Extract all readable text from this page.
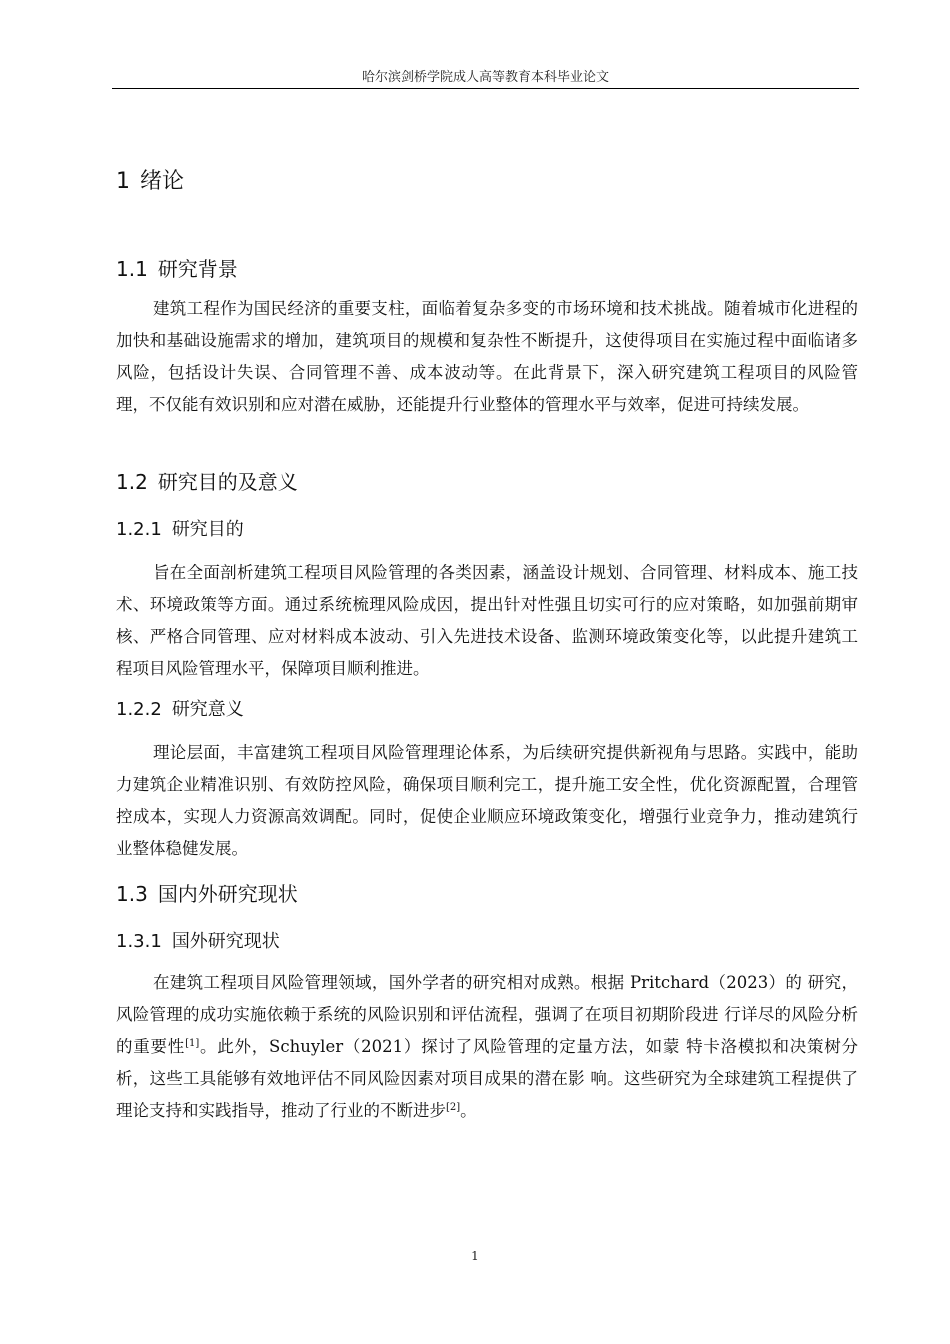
哈尔滨剑桥学院成人高等教育本科毕业论文
1 绪论
1.1 研究背景

建筑工程作为国民经济的重要支柱，面临着复杂多变的市场环境和技术挑战。随着城市化进程的加快和基础设施需求的增加，建筑项目的规模和复杂性不断提升，这使得项目在实施过程中面临诸多风险，包括设计失误、合同管理不善、成本波动等。在此背景下，深入研究建筑工程项目的风险管理，不仅能有效识别和应对潜在威胁，还能提升行业整体的管理水平与效率，促进可持续发展。

1.2 研究目的及意义
1.2.1 研究目的

旨在全面剖析建筑工程项目风险管理的各类因素，涵盖设计规划、合同管理、材料成本、施工技术、环境政策等方面。通过系统梳理风险成因，提出针对性强且切实可行的应对策略，如加强前期审核、严格合同管理、应对材料成本波动、引入先进技术设备、监测环境政策变化等，以此提升建筑工程项目风险管理水平，保障项目顺利推进。

1.2.2 研究意义

理论层面，丰富建筑工程项目风险管理理论体系，为后续研究提供新视角与思路。实践中，能助力建筑企业精准识别、有效防控风险，确保项目顺利完工，提升施工安全性，优化资源配置，合理管控成本，实现人力资源高效调配。同时，促使企业顺应环境政策变化，增强行业竞争力，推动建筑行业整体稳健发展。

1.3 国内外研究现状
1.3.1 国外研究现状

在建筑工程项目风险管理领域，国外学者的研究相对成熟。根据 Pritchard（2023）的 研究，风险管理的成功实施依赖于系统的风险识别和评估流程，强调了在项目初期阶段进 行详尽的风险分析的重要性[1]。此外，Schuyler（2021）探讨了风险管理的定量方法，如蒙 特卡洛模拟和决策树分析，这些工具能够有效地评估不同风险因素对项目成果的潜在影 响。这些研究为全球建筑工程提供了理论支持和实践指导，推动了行业的不断进步[2]。

1
